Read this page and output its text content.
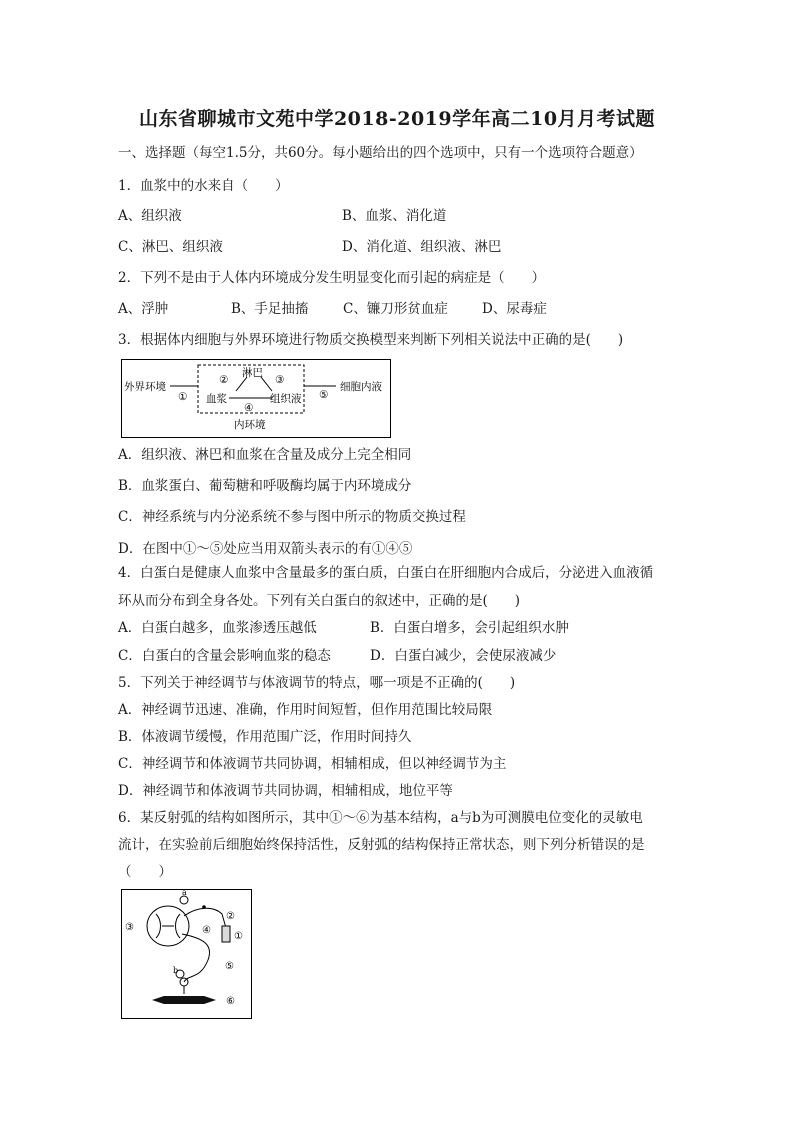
山东省聊城市文苑中学2018-2019学年高二10月月考试题
一、选择题（每空1.5分，共60分。每小题给出的四个选项中，只有一个选项符合题意）
1．血浆中的水来自（　　）
A、组织液	B、血浆、消化道
C、淋巴、组织液	D、消化道、组织液、淋巴
2．下列不是由于人体内环境成分发生明显变化而引起的病症是（　　）
A、浮肿	B、手足抽搐	C、镰刀形贫血症	D、尿毒症
3．根据体内细胞与外界环境进行物质交换模型来判断下列相关说法中正确的是(　　)
外界环境	细胞内液
淋巴
血浆	组织液
内环境
①
②	③
④
⑤
A．组织液、淋巴和血浆在含量及成分上完全相同
B．血浆蛋白、葡萄糖和呼吸酶均属于内环境成分
C．神经系统与内分泌系统不参与图中所示的物质交换过程
D．在图中①～⑤处应当用双箭头表示的有①④⑤
4．白蛋白是健康人血浆中含量最多的蛋白质，白蛋白在肝细胞内合成后，分泌进入血液循
环从而分布到全身各处。下列有关白蛋白的叙述中，正确的是(　　)
A．白蛋白越多，血浆渗透压越低	B．白蛋白增多，会引起组织水肿
C．白蛋白的含量会影响血浆的稳态	D．白蛋白减少，会使尿液减少
5．下列关于神经调节与体液调节的特点，哪一项是不正确的(　　)
A．神经调节迅速、准确，作用时间短暂，但作用范围比较局限
B．体液调节缓慢，作用范围广泛，作用时间持久
C．神经调节和体液调节共同协调，相辅相成，但以神经调节为主
D．神经调节和体液调节共同协调，相辅相成，地位平等
6．某反射弧的结构如图所示，其中①～⑥为基本结构，a与b为可测膜电位变化的灵敏电
流计，在实验前后细胞始终保持活性，反射弧的结构保持正常状态，则下列分析错误的是
（　　）
a
b
③
②
④
①
⑤
⑥
